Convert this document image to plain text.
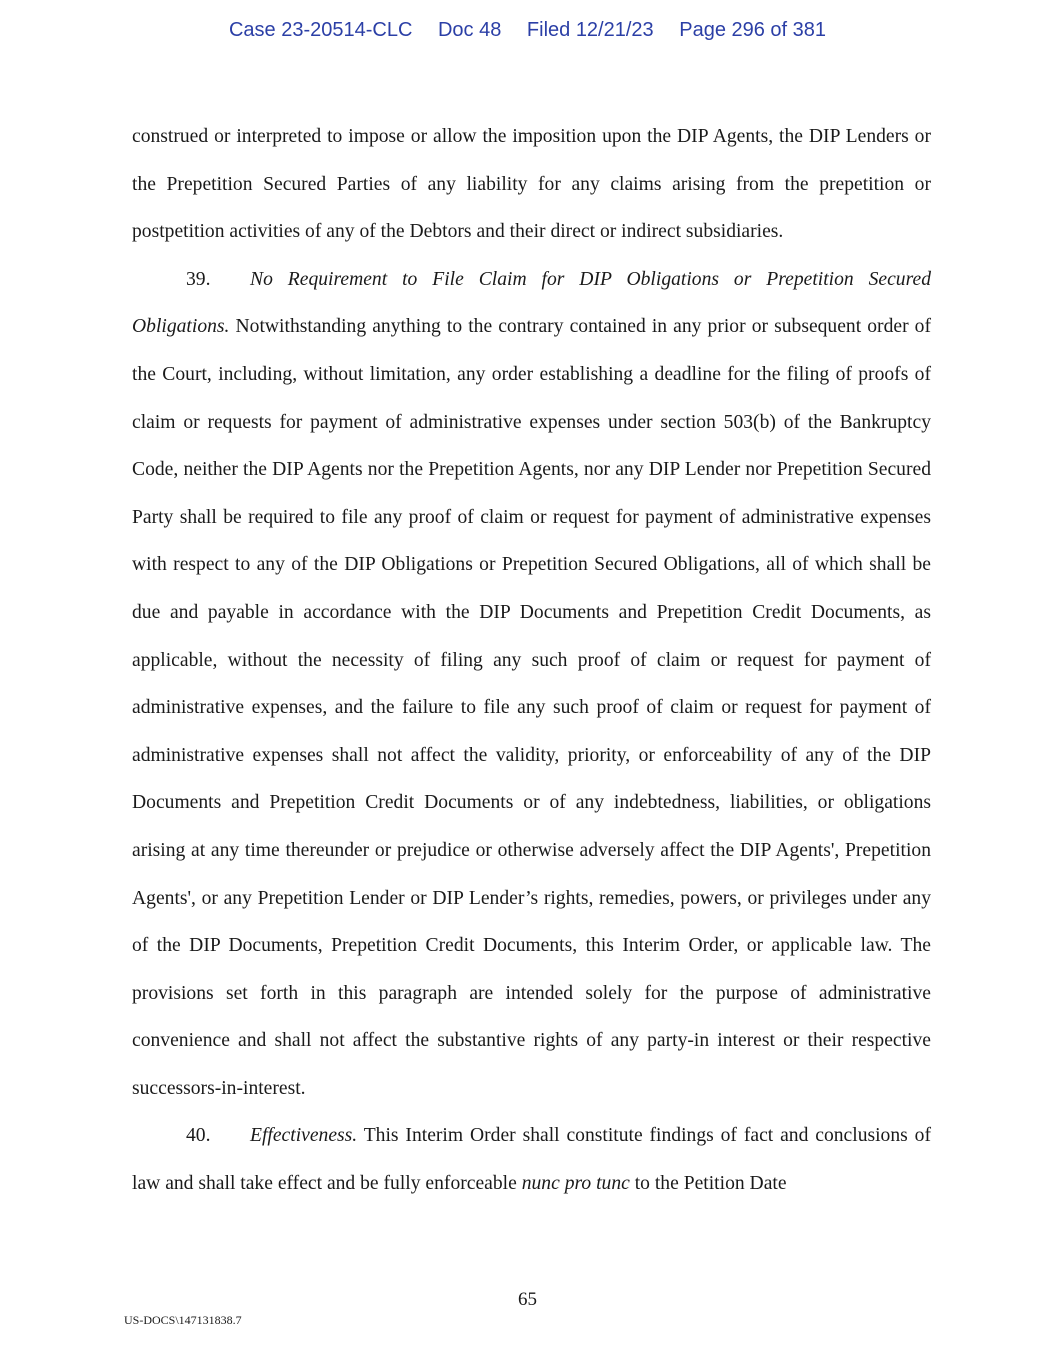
Case 23-20514-CLC Doc 48 Filed 12/21/23 Page 296 of 381

construed or interpreted to impose or allow the imposition upon the DIP Agents, the DIP Lenders or the Prepetition Secured Parties of any liability for any claims arising from the prepetition or postpetition activities of any of the Debtors and their direct or indirect subsidiaries.

39. No Requirement to File Claim for DIP Obligations or Prepetition Secured Obligations. Notwithstanding anything to the contrary contained in any prior or subsequent order of the Court, including, without limitation, any order establishing a deadline for the filing of proofs of claim or requests for payment of administrative expenses under section 503(b) of the Bankruptcy Code, neither the DIP Agents nor the Prepetition Agents, nor any DIP Lender nor Prepetition Secured Party shall be required to file any proof of claim or request for payment of administrative expenses with respect to any of the DIP Obligations or Prepetition Secured Obligations, all of which shall be due and payable in accordance with the DIP Documents and Prepetition Credit Documents, as applicable, without the necessity of filing any such proof of claim or request for payment of administrative expenses, and the failure to file any such proof of claim or request for payment of administrative expenses shall not affect the validity, priority, or enforceability of any of the DIP Documents and Prepetition Credit Documents or of any indebtedness, liabilities, or obligations arising at any time thereunder or prejudice or otherwise adversely affect the DIP Agents', Prepetition Agents', or any Prepetition Lender or DIP Lender’s rights, remedies, powers, or privileges under any of the DIP Documents, Prepetition Credit Documents, this Interim Order, or applicable law. The provisions set forth in this paragraph are intended solely for the purpose of administrative convenience and shall not affect the substantive rights of any party-in interest or their respective successors-in-interest.

40. Effectiveness. This Interim Order shall constitute findings of fact and conclusions of law and shall take effect and be fully enforceable nunc pro tunc to the Petition Date

65
US-DOCS\147131838.7
